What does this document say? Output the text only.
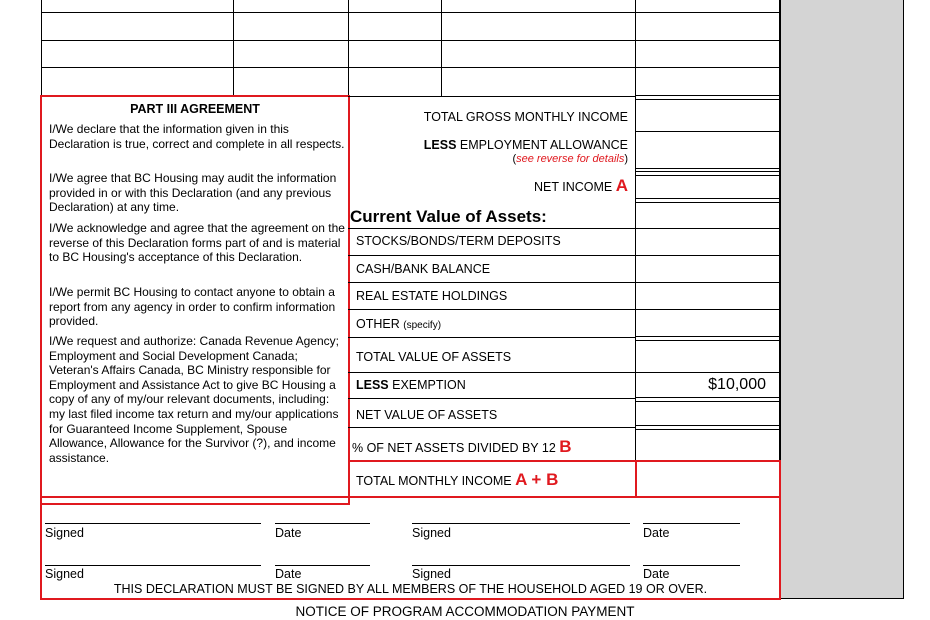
PART III AGREEMENT
I/We declare that the information given in this Declaration is true, correct and complete in all respects.
I/We agree that BC Housing may audit the information provided in or with this Declaration (and any previous Declaration) at any time.
I/We acknowledge and agree that the agreement on the reverse of this Declaration forms part of and is material to BC Housing's acceptance of this Declaration.
I/We permit BC Housing to contact anyone to obtain a report from any agency in order to confirm information provided.
I/We request and authorize: Canada Revenue Agency; Employment and Social Development Canada; Veteran's Affairs Canada, BC Ministry responsible for Employment and Assistance Act to give BC Housing a copy of any of my/our relevant documents, including: my last filed income tax return and my/our applications for Guaranteed Income Supplement, Spouse Allowance, Allowance for the Survivor (?), and income assistance.
TOTAL GROSS MONTHLY INCOME
LESS EMPLOYMENT ALLOWANCE
(see reverse for details)
NET INCOME A
Current Value of Assets:
STOCKS/BONDS/TERM DEPOSITS
CASH/BANK BALANCE
REAL ESTATE HOLDINGS
OTHER (specify)
TOTAL VALUE OF ASSETS
LESS EXEMPTION	$10,000
NET VALUE OF ASSETS
% OF NET ASSETS DIVIDED BY 12 B
TOTAL MONTHLY INCOME A + B
Signed	Date	Signed	Date
Signed	Date	Signed	Date
THIS DECLARATION MUST BE SIGNED BY ALL MEMBERS OF THE HOUSEHOLD AGED 19 OR OVER.
NOTICE OF PROGRAM ACCOMMODATION PAYMENT
